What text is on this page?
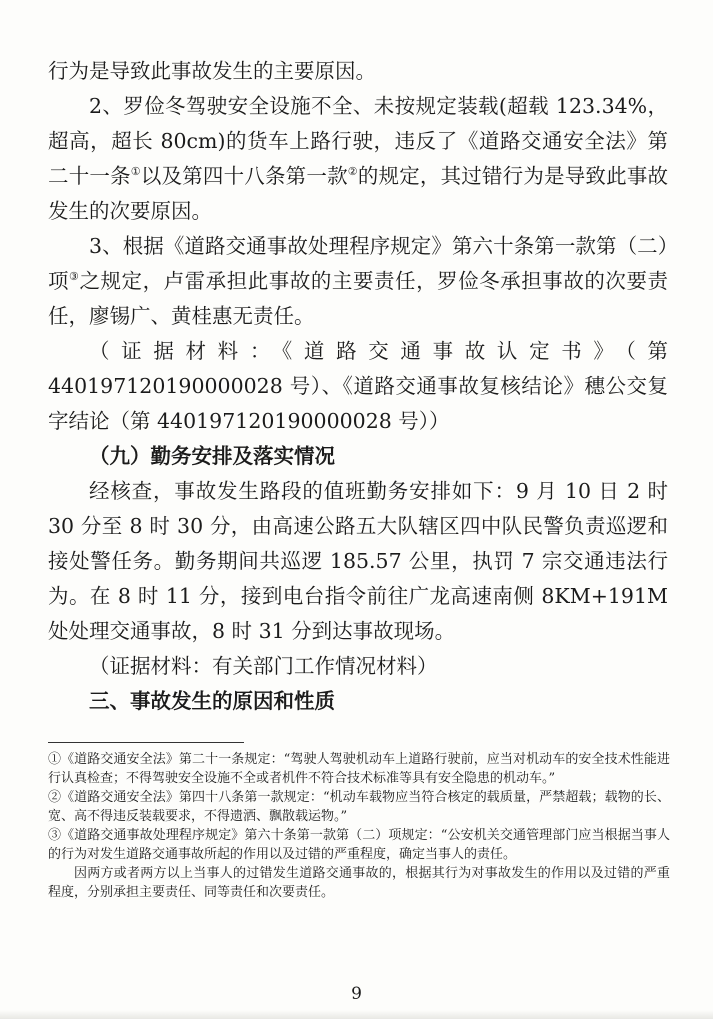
行为是导致此事故发生的主要原因。

2、罗俭冬驾驶安全设施不全、未按规定装载(超载 123.34%，超高，超长 80cm)的货车上路行驶，违反了《道路交通安全法》第二十一条①以及第四十八条第一款②的规定，其过错行为是导致此事故发生的次要原因。

3、根据《道路交通事故处理程序规定》第六十条第一款第（二）项③之规定，卢雷承担此事故的主要责任，罗俭冬承担事故的次要责任，廖锡广、黄桂惠无责任。

（证据材料：《道路交通事故认定书》（第 440197120190000028 号）、《道路交通事故复核结论》穗公交复字结论（第 440197120190000028 号））

（九）勤务安排及落实情况

经核查，事故发生路段的值班勤务安排如下：9 月 10 日 2 时 30 分至 8 时 30 分，由高速公路五大队辖区四中队民警负责巡逻和接处警任务。勤务期间共巡逻 185.57 公里，执罚 7 宗交通违法行为。在 8 时 11 分，接到电台指令前往广龙高速南侧 8KM+191M 处处理交通事故，8 时 31 分到达事故现场。

（证据材料：有关部门工作情况材料）

三、事故发生的原因和性质

①《道路交通安全法》第二十一条规定：“驾驶人驾驶机动车上道路行驶前，应当对机动车的安全技术性能进行认真检查；不得驾驶安全设施不全或者机件不符合技术标准等具有安全隐患的机动车。”

②《道路交通安全法》第四十八条第一款规定：“机动车载物应当符合核定的载质量，严禁超载；载物的长、宽、高不得违反装载要求，不得遗洒、飘散载运物。”

③《道路交通事故处理程序规定》第六十条第一款第（二）项规定：“公安机关交通管理部门应当根据当事人的行为对发生道路交通事故所起的作用以及过错的严重程度，确定当事人的责任。

因两方或者两方以上当事人的过错发生道路交通事故的，根据其行为对事故发生的作用以及过错的严重程度，分别承担主要责任、同等责任和次要责任。

9
